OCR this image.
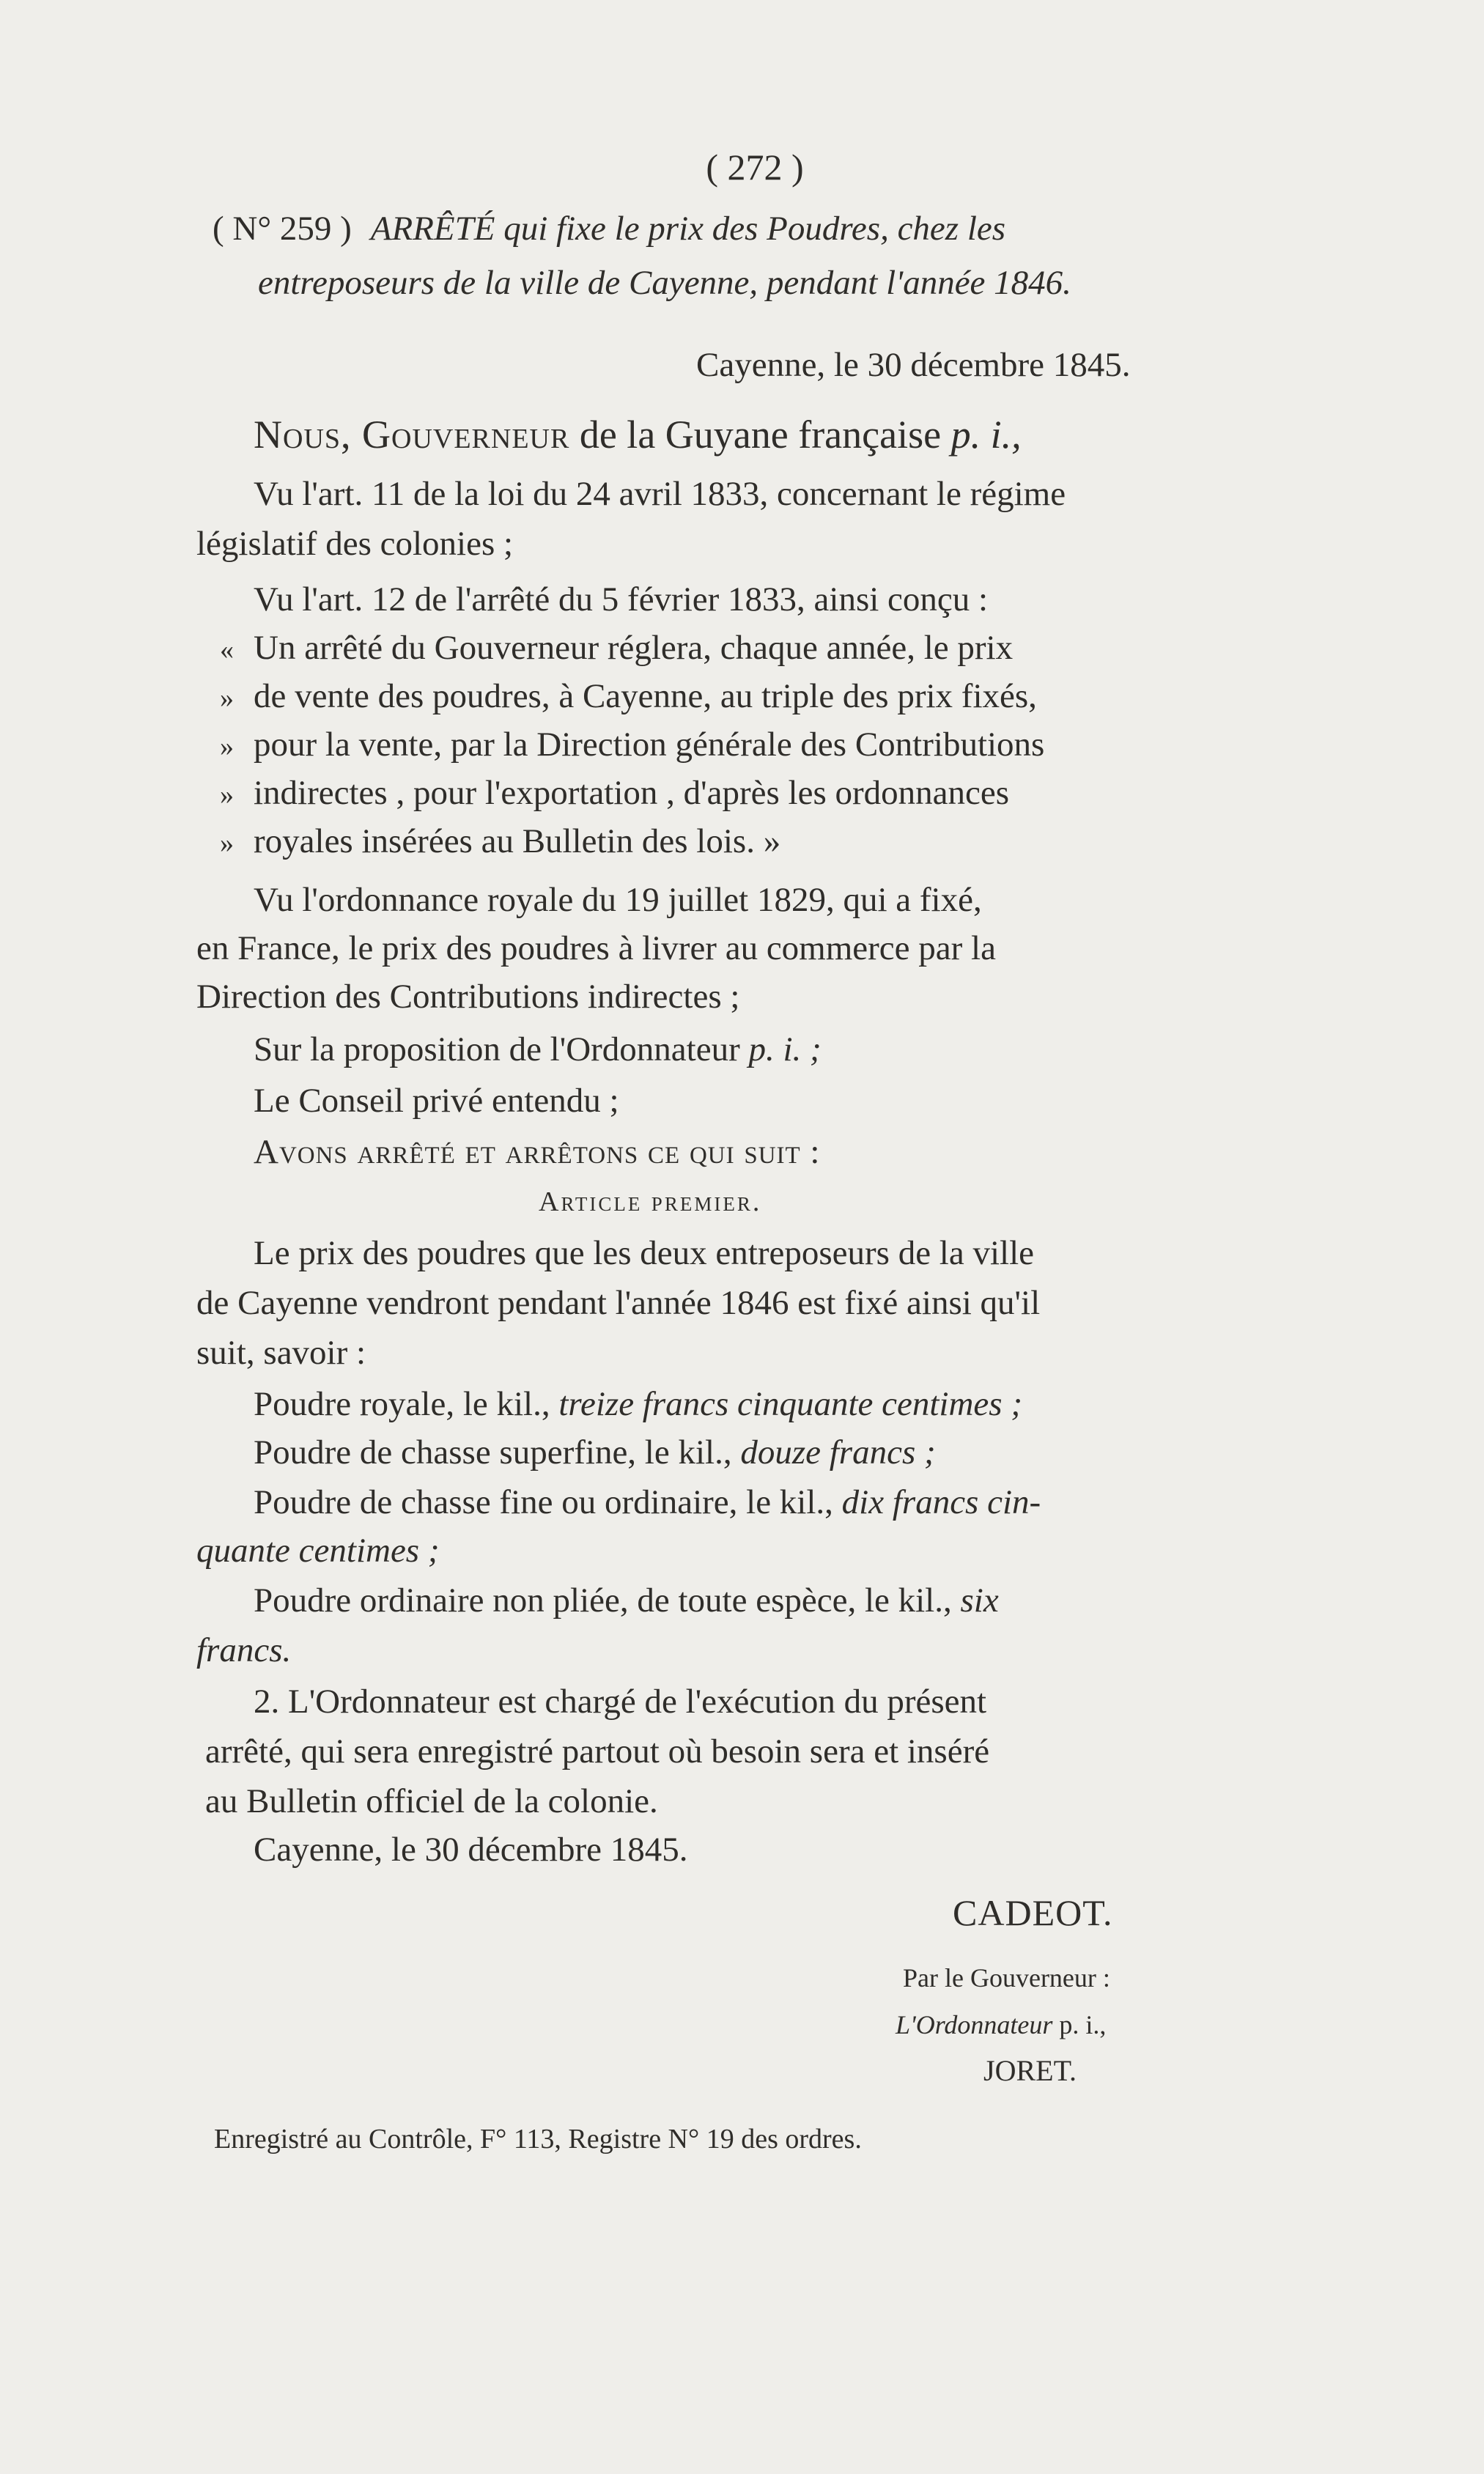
( 272 )
( N° 259 ) ARRÊTÉ qui fixe le prix des Poudres, chez les
entreposeurs de la ville de Cayenne, pendant l'année 1846.
Cayenne, le 30 décembre 1845.
Nous, Gouverneur de la Guyane française p. i.,
Vu l'art. 11 de la loi du 24 avril 1833, concernant le régime
législatif des colonies ;
Vu l'art. 12 de l'arrêté du 5 février 1833, ainsi conçu :
« Un arrêté du Gouverneur réglera, chaque année, le prix
» de vente des poudres, à Cayenne, au triple des prix fixés,
» pour la vente, par la Direction générale des Contributions
» indirectes , pour l'exportation , d'après les ordonnances
» royales insérées au Bulletin des lois. »
Vu l'ordonnance royale du 19 juillet 1829, qui a fixé,
en France, le prix des poudres à livrer au commerce par la
Direction des Contributions indirectes ;
Sur la proposition de l'Ordonnateur p. i. ;
Le Conseil privé entendu ;
Avons arrêté et arrêtons ce qui suit :
Article premier.
Le prix des poudres que les deux entreposeurs de la ville
de Cayenne vendront pendant l'année 1846 est fixé ainsi qu'il
suit, savoir :
Poudre royale, le kil., treize francs cinquante centimes ;
Poudre de chasse superfine, le kil., douze francs ;
Poudre de chasse fine ou ordinaire, le kil., dix francs cin-
quante centimes ;
Poudre ordinaire non pliée, de toute espèce, le kil., six
francs.
2. L'Ordonnateur est chargé de l'exécution du présent
arrêté, qui sera enregistré partout où besoin sera et inséré
au Bulletin officiel de la colonie.
Cayenne, le 30 décembre 1845.
CADEOT.
Par le Gouverneur :
L'Ordonnateur p. i.,
JORET.
Enregistré au Contrôle, F° 113, Registre N° 19 des ordres.
